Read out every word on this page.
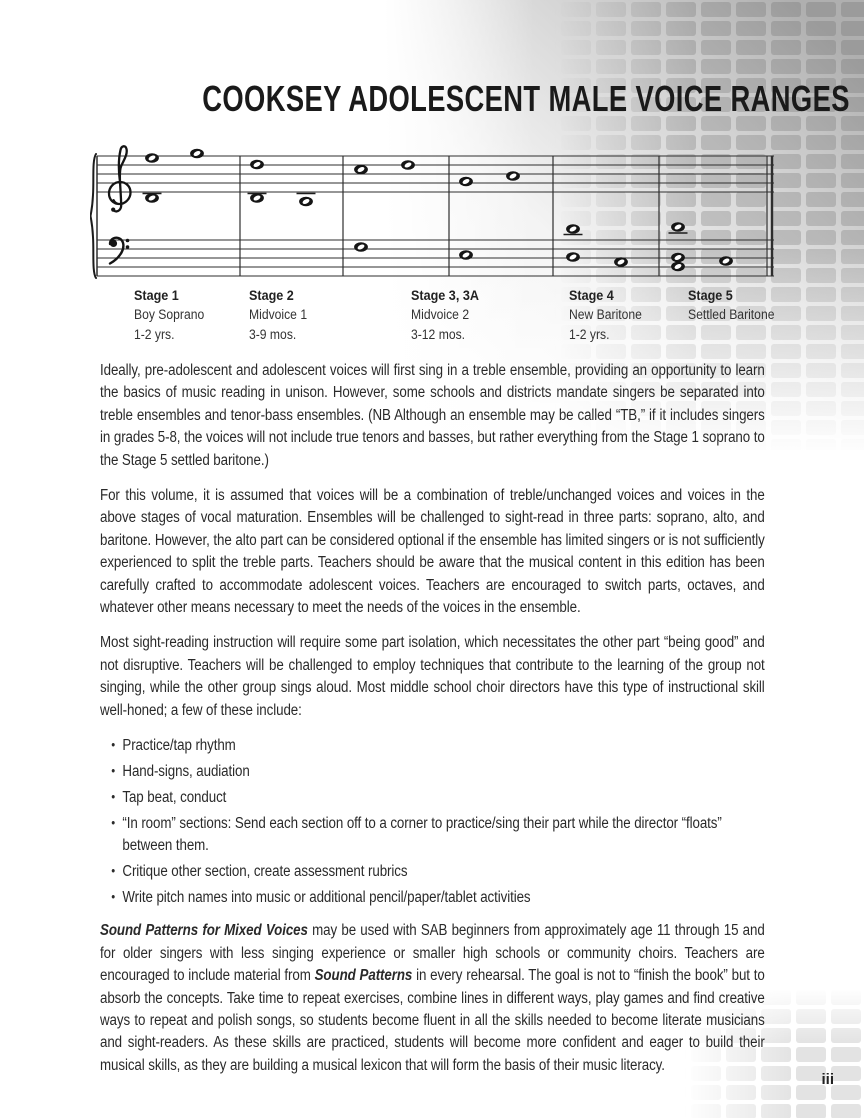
COOKSEY ADOLESCENT MALE VOICE RANGES
Stage 1
Boy Soprano
1-2 yrs.
Stage 2
Midvoice 1
3-9 mos.
Stage 3, 3A
Midvoice 2
3-12 mos.
Stage 4
New Baritone
1-2 yrs.
Stage 5
Settled Baritone

Ideally, pre-adolescent and adolescent voices will first sing in a treble ensemble, providing an opportunity to learn the basics of music reading in unison. However, some schools and districts mandate singers be separated into treble ensembles and tenor-bass ensembles. (NB Although an ensemble may be called “TB,” if it includes singers in grades 5-8, the voices will not include true tenors and basses, but rather everything from the Stage 1 soprano to the Stage 5 settled baritone.)

For this volume, it is assumed that voices will be a combination of treble/unchanged voices and voices in the above stages of vocal maturation. Ensembles will be challenged to sight-read in three parts: soprano, alto, and baritone. However, the alto part can be considered optional if the ensemble has limited singers or is not sufficiently experienced to split the treble parts. Teachers should be aware that the musical content in this edition has been carefully crafted to accommodate adolescent voices. Teachers are encouraged to switch parts, octaves, and whatever other means necessary to meet the needs of the voices in the ensemble.

Most sight-reading instruction will require some part isolation, which necessitates the other part “being good” and not disruptive. Teachers will be challenged to employ techniques that contribute to the learning of the group not singing, while the other group sings aloud. Most middle school choir directors have this type of instructional skill well-honed; a few of these include:

• Practice/tap rhythm
• Hand-signs, audiation
• Tap beat, conduct
• “In room” sections: Send each section off to a corner to practice/sing their part while the director “floats” between them.
• Critique other section, create assessment rubrics
• Write pitch names into music or additional pencil/paper/tablet activities

Sound Patterns for Mixed Voices may be used with SAB beginners from approximately age 11 through 15 and for older singers with less singing experience or smaller high schools or community choirs. Teachers are encouraged to include material from Sound Patterns in every rehearsal. The goal is not to “finish the book” but to absorb the concepts. Take time to repeat exercises, combine lines in different ways, play games and find creative ways to repeat and polish songs, so students become fluent in all the skills needed to become literate musicians and sight-readers. As these skills are practiced, students will become more confident and eager to build their musical skills, as they are building a musical lexicon that will form the basis of their music literacy.

iii
